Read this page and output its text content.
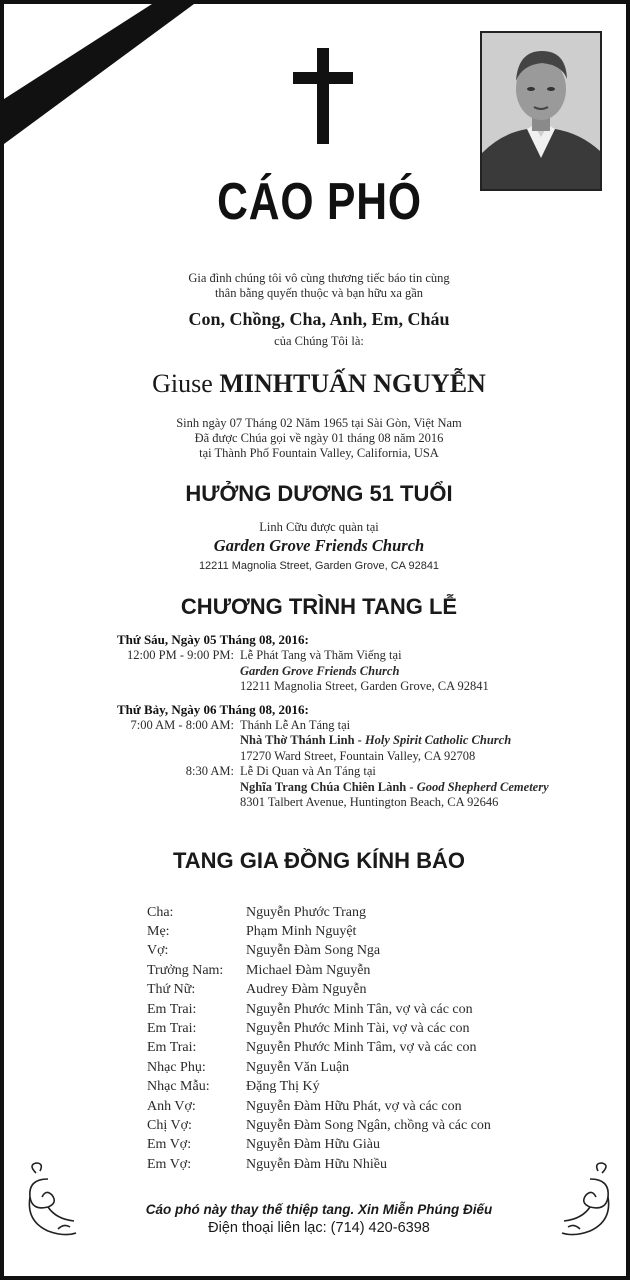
CÁO PHÓ
Gia đình chúng tôi vô cùng thương tiếc báo tin cùng
thân bằng quyến thuộc và bạn hữu xa gần
Con, Chồng, Cha, Anh, Em, Cháu
của Chúng Tôi là:
Giuse MINHTUẤN NGUYỄN
Sinh ngày 07 Tháng 02 Năm 1965 tại Sài Gòn, Việt Nam
Đã được Chúa gọi về ngày 01 tháng 08 năm 2016
tại Thành Phố Fountain Valley, California, USA
HƯỞNG DƯƠNG 51 TUỔI
Linh Cữu được quàn tại
Garden Grove Friends Church
12211 Magnolia Street, Garden Grove, CA 92841
CHƯƠNG TRÌNH TANG LỄ
Thứ Sáu, Ngày 05 Tháng 08, 2016:
12:00 PM - 9:00 PM: Lễ Phát Tang và Thăm Viếng tại
Garden Grove Friends Church
12211 Magnolia Street, Garden Grove, CA 92841
Thứ Bảy, Ngày 06 Tháng 08, 2016:
7:00 AM - 8:00 AM: Thánh Lễ An Táng tại
Nhà Thờ Thánh Linh - Holy Spirit Catholic Church
17270 Ward Street, Fountain Valley, CA 92708
8:30 AM: Lễ Di Quan và An Táng tại
Nghĩa Trang Chúa Chiên Lành - Good Shepherd Cemetery
8301 Talbert Avenue, Huntington Beach, CA 92646
TANG GIA ĐỒNG KÍNH BÁO
Cha:	Nguyễn Phước Trang
Mẹ:	Phạm Minh Nguyệt
Vợ:	Nguyễn Đàm Song Nga
Trưởng Nam:	Michael Đàm Nguyễn
Thứ Nữ:	Audrey Đàm Nguyễn
Em Trai:	Nguyễn Phước Minh Tân, vợ và các con
Em Trai:	Nguyễn Phước Minh Tài, vợ và các con
Em Trai:	Nguyễn Phước Minh Tâm, vợ và các con
Nhạc Phụ:	Nguyễn Văn Luận
Nhạc Mẫu:	Đặng Thị Ký
Anh Vợ:	Nguyễn Đàm Hữu Phát, vợ và các con
Chị Vợ:	Nguyễn Đàm Song Ngân, chồng và các con
Em Vợ:	Nguyễn Đàm Hữu Giàu
Em Vợ:	Nguyễn Đàm Hữu Nhiều
Cáo phó này thay thế thiệp tang. Xin Miễn Phúng Điếu
Điện thoại liên lạc: (714) 420-6398
